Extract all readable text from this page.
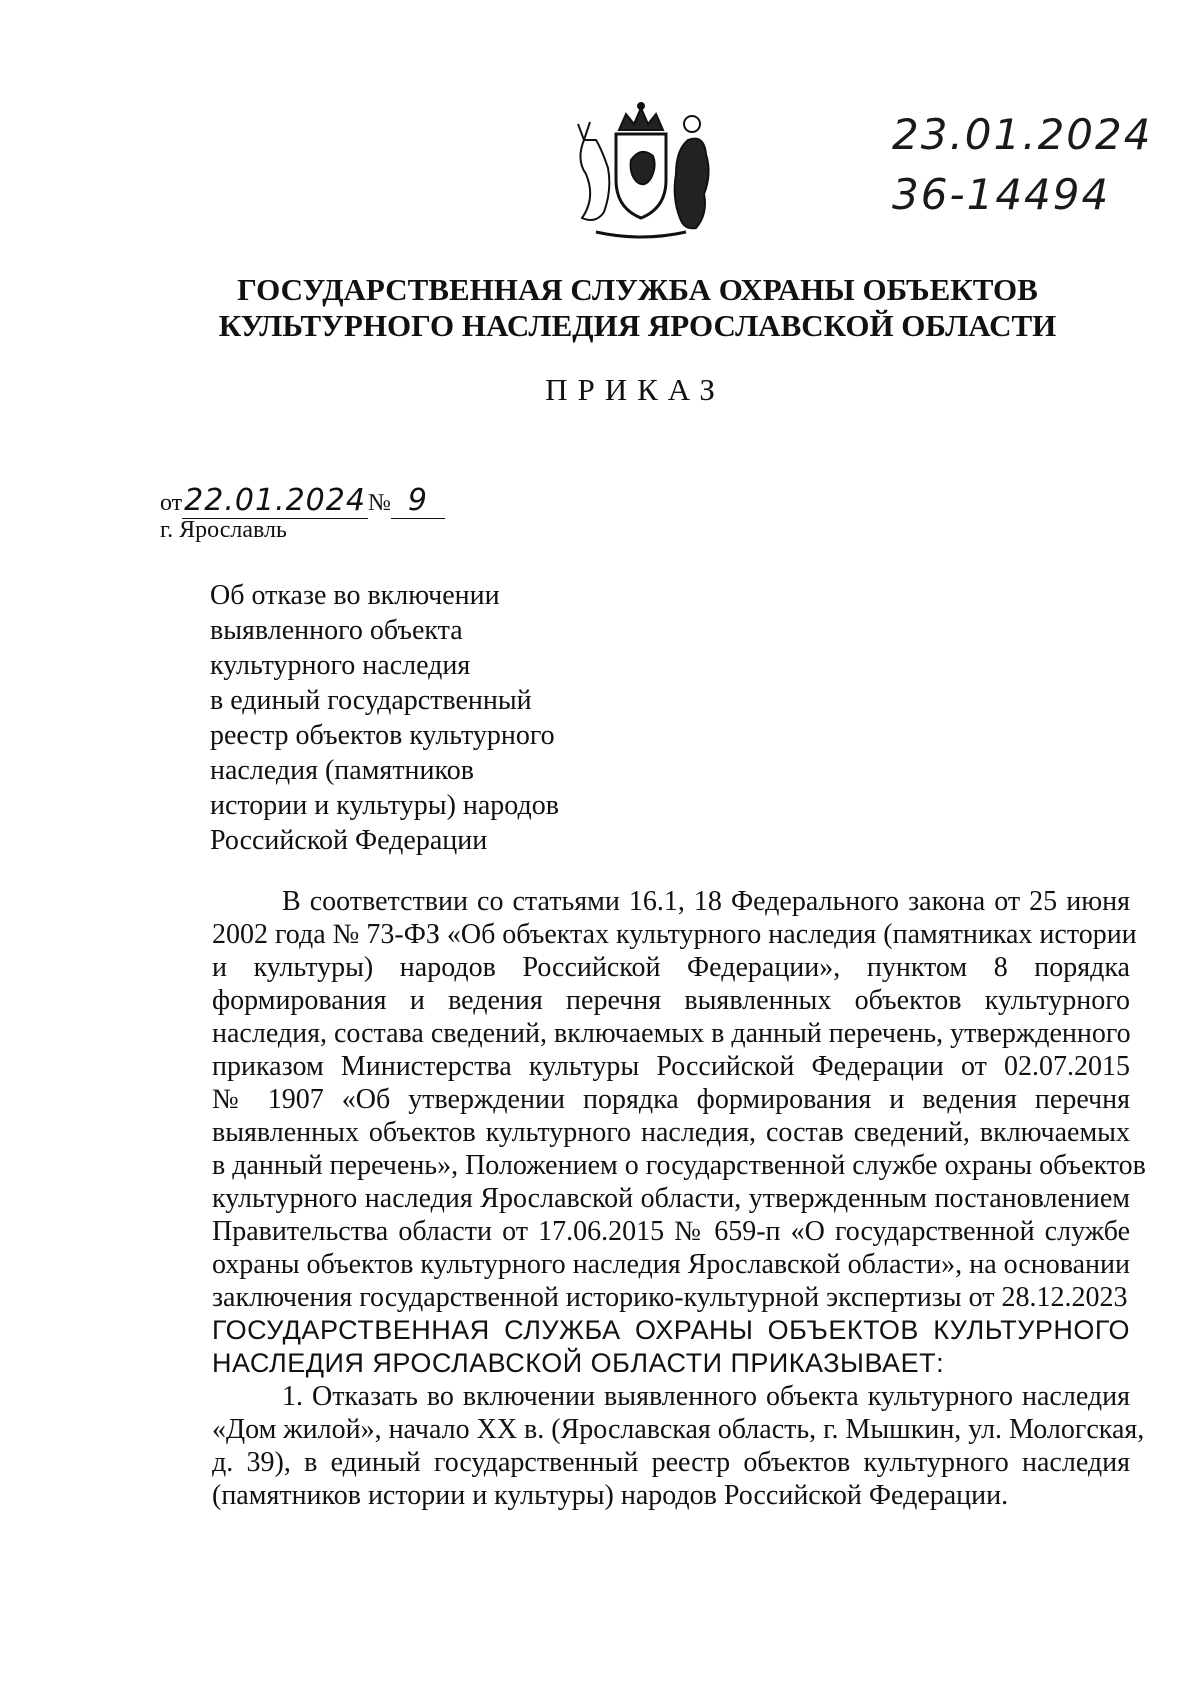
23.01.2024
36-14494
ГОСУДАРСТВЕННАЯ СЛУЖБА ОХРАНЫ ОБЪЕКТОВ
КУЛЬТУРНОГО НАСЛЕДИЯ ЯРОСЛАВСКОЙ ОБЛАСТИ
ПРИКАЗ
от22.01.2024№ 9
г. Ярославль
Об отказе во включении
выявленного объекта
культурного наследия
в единый государственный
реестр объектов культурного
наследия (памятников
истории и культуры) народов
Российской Федерации
В соответствии со статьями 16.1, 18 Федерального закона от 25 июня
2002 года № 73-ФЗ «Об объектах культурного наследия (памятниках истории
и культуры) народов Российской Федерации», пунктом 8 порядка
формирования и ведения перечня выявленных объектов культурного
наследия, состава сведений, включаемых в данный перечень, утвержденного
приказом Министерства культуры Российской Федерации от 02.07.2015
№ 1907 «Об утверждении порядка формирования и ведения перечня
выявленных объектов культурного наследия, состав сведений, включаемых
в данный перечень», Положением о государственной службе охраны объектов
культурного наследия Ярославской области, утвержденным постановлением
Правительства области от 17.06.2015 № 659-п «О государственной службе
охраны объектов культурного наследия Ярославской области», на основании
заключения государственной историко-культурной экспертизы от 28.12.2023
ГОСУДАРСТВЕННАЯ СЛУЖБА ОХРАНЫ ОБЪЕКТОВ КУЛЬТУРНОГО
НАСЛЕДИЯ ЯРОСЛАВСКОЙ ОБЛАСТИ ПРИКАЗЫВАЕТ:
1. Отказать во включении выявленного объекта культурного наследия
«Дом жилой», начало XX в. (Ярославская область, г. Мышкин, ул. Мологская,
д. 39), в единый государственный реестр объектов культурного наследия
(памятников истории и культуры) народов Российской Федерации.
